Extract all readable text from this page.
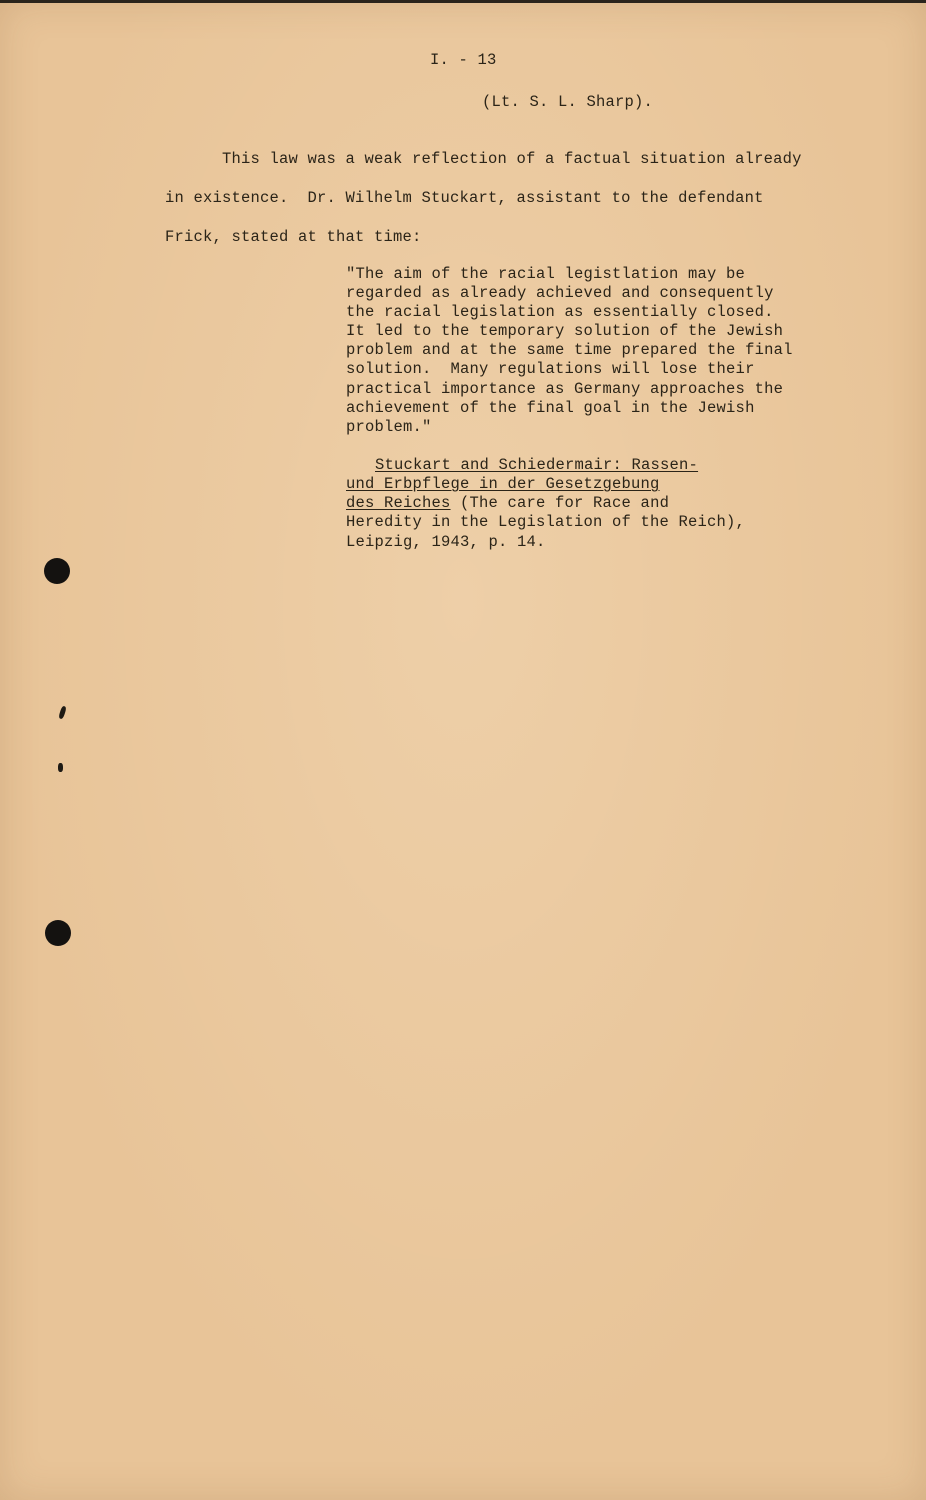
I. - 13
(Lt. S. L. Sharp).
This law was a weak reflection of a factual situation already
in existence.  Dr. Wilhelm Stuckart, assistant to the defendant
Frick, stated at that time:
"The aim of the racial legistlation may be
regarded as already achieved and consequently
the racial legislation as essentially closed.
It led to the temporary solution of the Jewish
problem and at the same time prepared the final
solution.  Many regulations will lose their
practical importance as Germany approaches the
achievement of the final goal in the Jewish
problem."
Stuckart and Schiedermair: Rassen-
und Erbpflege in der Gesetzgebung
des Reiches (The care for Race and
Heredity in the Legislation of the Reich),
Leipzig, 1943, p. 14.
